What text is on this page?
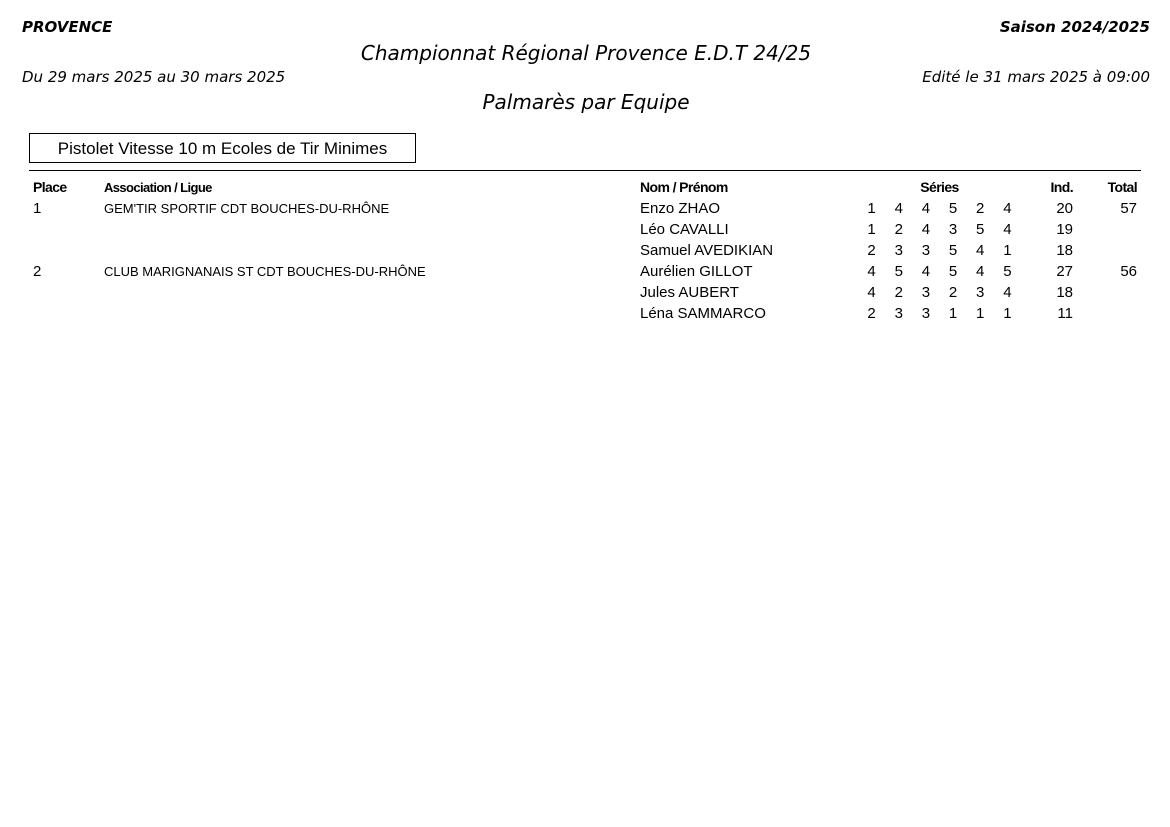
PROVENCE	Saison 2024/2025
Championnat Régional Provence E.D.T 24/25
Du 29 mars 2025 au 30 mars 2025	Edité le 31 mars 2025 à 09:00
Palmarès par Equipe
Pistolet Vitesse 10 m Ecoles de Tir Minimes
Place	Association / Ligue	Nom / Prénom	Séries						Ind.	Total
1	GEM'TIR SPORTIF CDT BOUCHES-DU-RHÔNE	Enzo ZHAO	1	4	4	5	2	4	20	57
		Léo CAVALLI	1	2	4	3	5	4	19	
		Samuel AVEDIKIAN	2	3	3	5	4	1	18	
2	CLUB MARIGNANAIS ST CDT BOUCHES-DU-RHÔNE	Aurélien GILLOT	4	5	4	5	4	5	27	56
		Jules AUBERT	4	2	3	2	3	4	18	
		Léna SAMMARCO	2	3	3	1	1	1	11	
